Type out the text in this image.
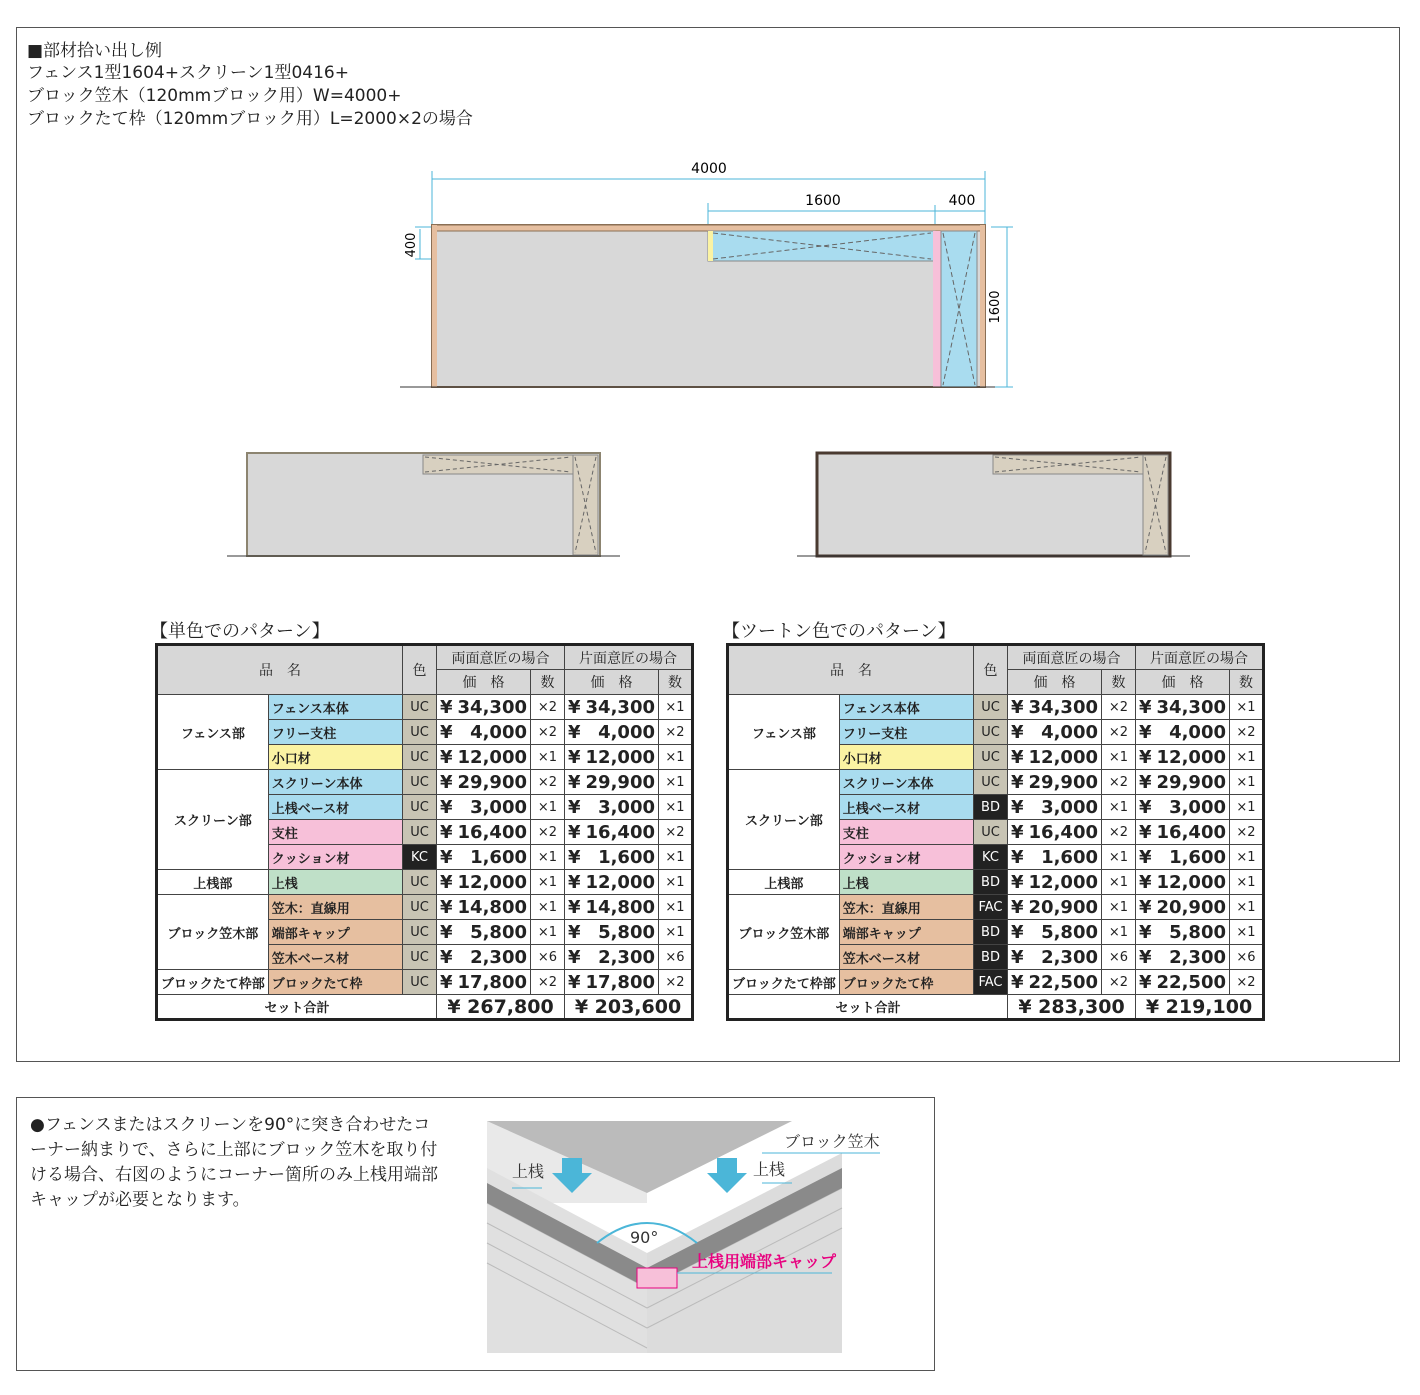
■部材拾い出し例
フェンス1型1604+スクリーン1型0416+
ブロック笠木（120mmブロック用）W=4000+
ブロックたて枠（120mmブロック用）L=2000×2の場合
4000
1600	400
400
1600
【単色でのパターン】	【ツートン色でのパターン】
品　名		色	両面意匠の場合		片面意匠の場合	
			価　格	数	価　格	数
フェンス部	フェンス本体	UC	¥ 34,300	×2	¥ 34,300	×1
	フリー支柱	UC	¥ 4,000	×2	¥ 4,000	×2
	小口材	UC	¥ 12,000	×1	¥ 12,000	×1
スクリーン部	スクリーン本体	UC	¥ 29,900	×2	¥ 29,900	×1
	上桟ベース材	UC	¥ 3,000	×1	¥ 3,000	×1
	支柱	UC	¥ 16,400	×2	¥ 16,400	×2
	クッション材	KC	¥ 1,600	×1	¥ 1,600	×1
上桟部	上桟	UC	¥ 12,000	×1	¥ 12,000	×1
ブロック笠木部	笠木：直線用	UC	¥ 14,800	×1	¥ 14,800	×1
	端部キャップ	UC	¥ 5,800	×1	¥ 5,800	×1
	笠木ベース材	UC	¥ 2,300	×6	¥ 2,300	×6
ブロックたて枠部	ブロックたて枠	UC	¥ 17,800	×2	¥ 17,800	×2
セット合計			¥ 267,800		¥ 203,600	
品　名		色	両面意匠の場合		片面意匠の場合	
			価　格	数	価　格	数
フェンス部	フェンス本体	UC	¥ 34,300	×2	¥ 34,300	×1
	フリー支柱	UC	¥ 4,000	×2	¥ 4,000	×2
	小口材	UC	¥ 12,000	×1	¥ 12,000	×1
スクリーン部	スクリーン本体	UC	¥ 29,900	×2	¥ 29,900	×1
	上桟ベース材	BD	¥ 3,000	×1	¥ 3,000	×1
	支柱	UC	¥ 16,400	×2	¥ 16,400	×2
	クッション材	KC	¥ 1,600	×1	¥ 1,600	×1
上桟部	上桟	BD	¥ 12,000	×1	¥ 12,000	×1
ブロック笠木部	笠木：直線用	FAC	¥ 20,900	×1	¥ 20,900	×1
	端部キャップ	BD	¥ 5,800	×1	¥ 5,800	×1
	笠木ベース材	BD	¥ 2,300	×6	¥ 2,300	×6
ブロックたて枠部	ブロックたて枠	FAC	¥ 22,500	×2	¥ 22,500	×2
セット合計			¥ 283,300		¥ 219,100	
●フェンスまたはスクリーンを90°に突き合わせたコーナー納まりで、さらに上部にブロック笠木を取り付ける場合、右図のようにコーナー箇所のみ上桟用端部キャップが必要となります。
ブロック笠木
上桟	上桟
90°
上桟用端部キャップ
